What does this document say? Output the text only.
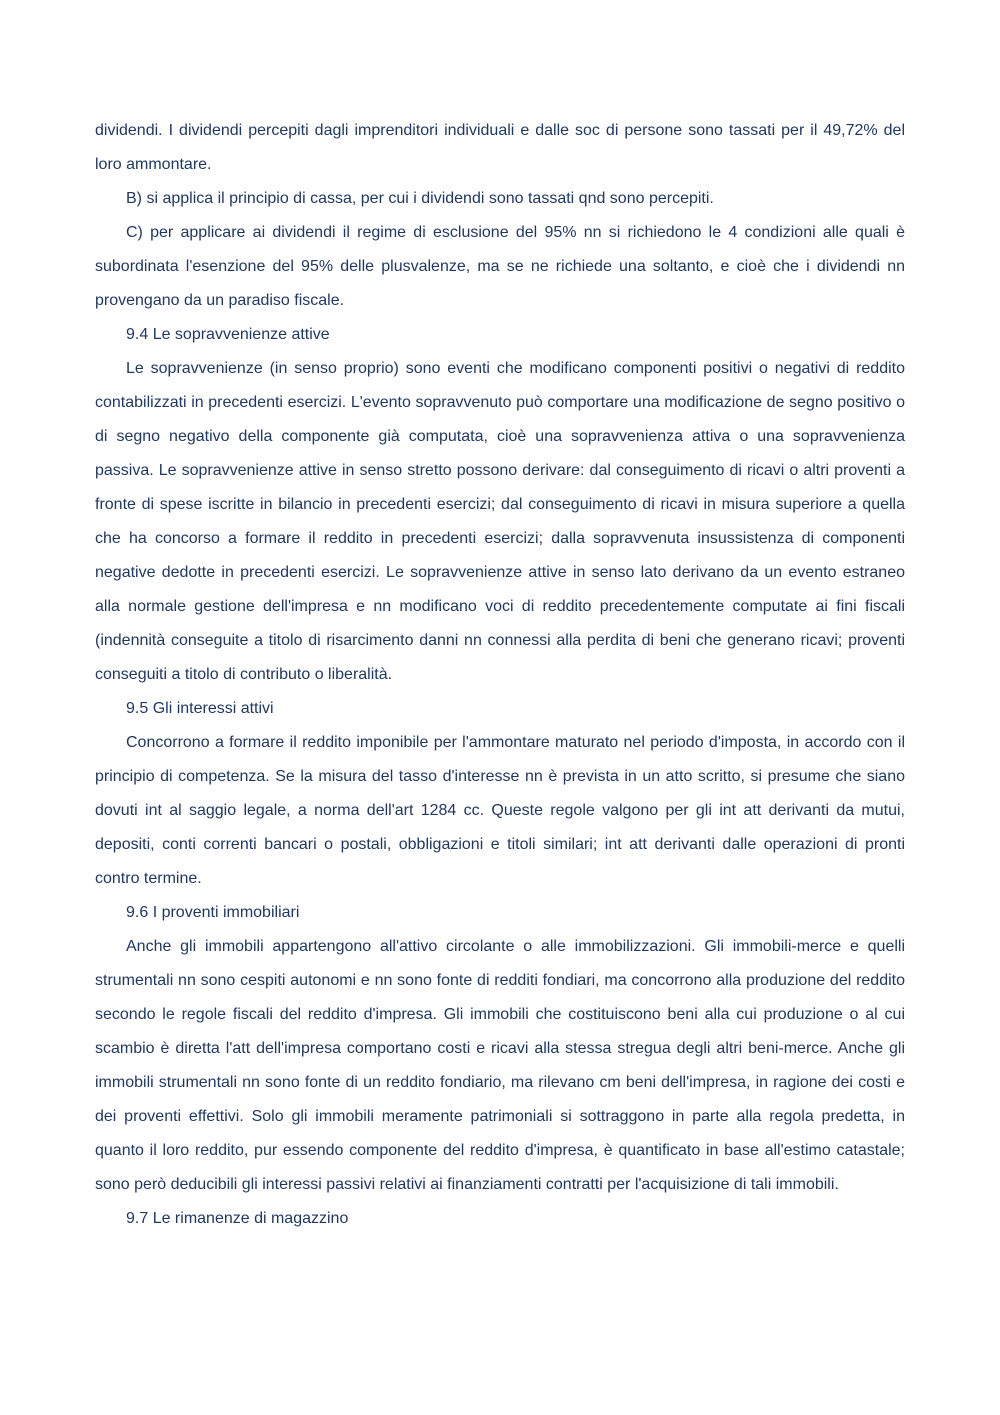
dividendi. I dividendi percepiti dagli imprenditori individuali e dalle soc di persone sono tassati per il 49,72% del loro ammontare.

B) si applica il principio di cassa, per cui i dividendi sono tassati qnd sono percepiti.

C) per applicare ai dividendi il regime di esclusione del 95% nn si richiedono le 4 condizioni alle quali è subordinata l'esenzione del 95% delle plusvalenze, ma se ne richiede una soltanto, e cioè che i dividendi nn provengano da un paradiso fiscale.

9.4 Le sopravvenienze attive

Le sopravvenienze (in senso proprio) sono eventi che modificano componenti positivi o negativi di reddito contabilizzati in precedenti esercizi. L'evento sopravvenuto può comportare una modificazione de segno positivo o di segno negativo della componente già computata, cioè una sopravvenienza attiva o una sopravvenienza passiva. Le sopravvenienze attive in senso stretto possono derivare: dal conseguimento di ricavi o altri proventi a fronte di spese iscritte in bilancio in precedenti esercizi; dal conseguimento di ricavi in misura superiore a quella che ha concorso a formare il reddito in precedenti esercizi; dalla sopravvenuta insussistenza di componenti negative dedotte in precedenti esercizi. Le sopravvenienze attive in senso lato derivano da un evento estraneo alla normale gestione dell'impresa e nn modificano voci di reddito precedentemente computate ai fini fiscali (indennità conseguite a titolo di risarcimento danni nn connessi alla perdita di beni che generano ricavi; proventi conseguiti a titolo di contributo o liberalità.

9.5 Gli interessi attivi

Concorrono a formare il reddito imponibile per l'ammontare maturato nel periodo d'imposta, in accordo con il principio di competenza. Se la misura del tasso d'interesse nn è prevista in un atto scritto, si presume che siano dovuti int al saggio legale, a norma dell'art 1284 cc. Queste regole valgono per gli int att derivanti da mutui, depositi, conti correnti bancari o postali, obbligazioni e titoli similari; int att derivanti dalle operazioni di pronti contro termine.

9.6 I proventi immobiliari

Anche gli immobili appartengono all'attivo circolante o alle immobilizzazioni. Gli immobili-merce e quelli strumentali nn sono cespiti autonomi e nn sono fonte di redditi fondiari, ma concorrono alla produzione del reddito secondo le regole fiscali del reddito d'impresa. Gli immobili che costituiscono beni alla cui produzione o al cui scambio è diretta l'att dell'impresa comportano costi e ricavi alla stessa stregua degli altri beni-merce. Anche gli immobili strumentali nn sono fonte di un reddito fondiario, ma rilevano cm beni dell'impresa, in ragione dei costi e dei proventi effettivi. Solo gli immobili meramente patrimoniali si sottraggono in parte alla regola predetta, in quanto il loro reddito, pur essendo componente del reddito d'impresa, è quantificato in base all'estimo catastale; sono però deducibili gli interessi passivi relativi ai finanziamenti contratti per l'acquisizione di tali immobili.

9.7 Le rimanenze di magazzino
